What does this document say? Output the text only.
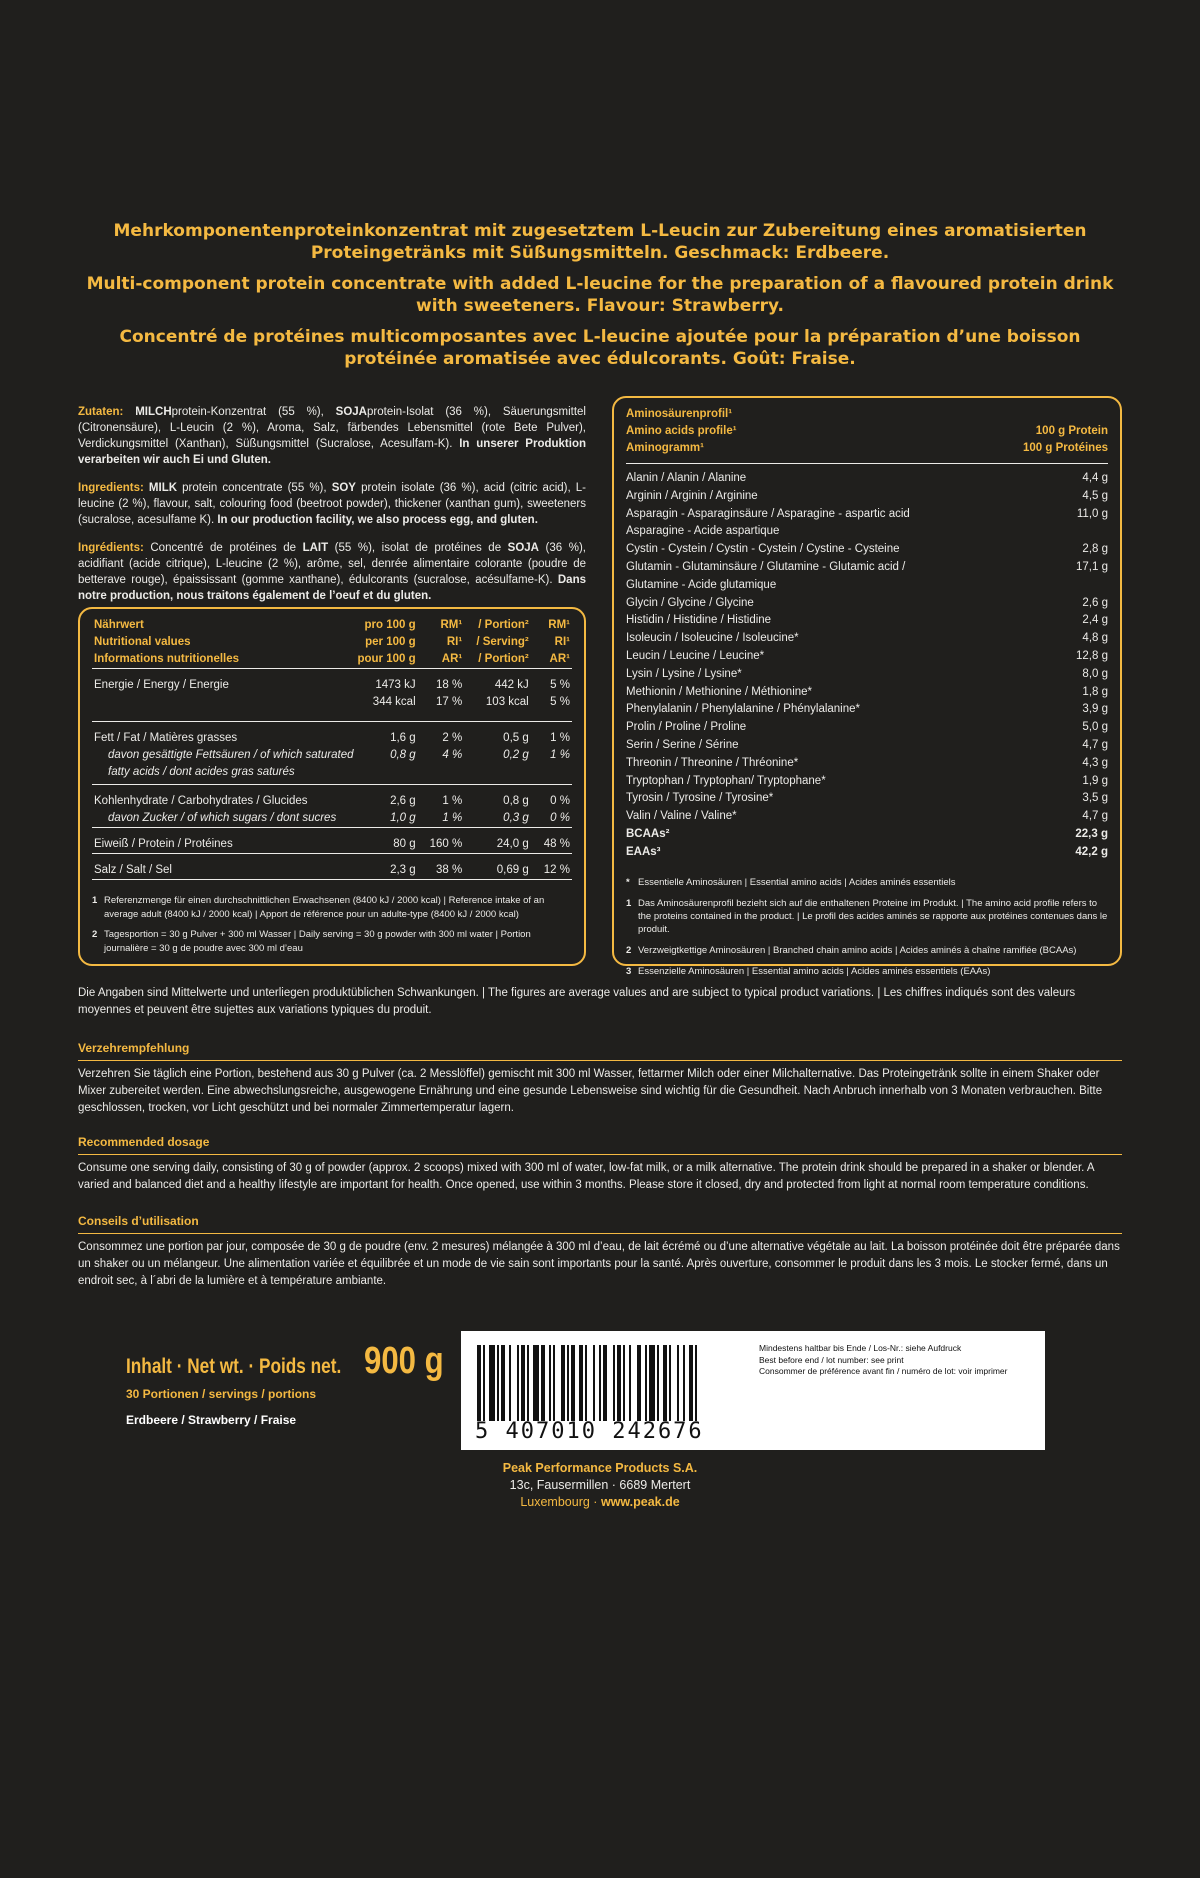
Mehrkomponentenproteinkonzentrat mit zugesetztem L-Leucin zur Zubereitung eines aromatisierten Proteingetränks mit Süßungsmitteln. Geschmack: Erdbeere.

Multi-component protein concentrate with added L-leucine for the preparation of a flavoured protein drink with sweeteners. Flavour: Strawberry.

Concentré de protéines multicomposantes avec L-leucine ajoutée pour la préparation d’une boisson protéinée aromatisée avec édulcorants. Goût: Fraise.

Zutaten: MILCHprotein-Konzentrat (55 %), SOJAprotein-Isolat (36 %), Säuerungsmittel (Citronensäure), L-Leucin (2 %), Aroma, Salz, färbendes Lebensmittel (rote Bete Pulver), Verdickungsmittel (Xanthan), Süßungsmittel (Sucralose, Acesulfam-K). In unserer Produktion verarbeiten wir auch Ei und Gluten.

Ingredients: MILK protein concentrate (55 %), SOY protein isolate (36 %), acid (citric acid), L-leucine (2 %), flavour, salt, colouring food (beetroot powder), thickener (xanthan gum), sweeteners (sucralose, acesulfame K). In our production facility, we also process egg, and gluten.

Ingrédients: Concentré de protéines de LAIT (55 %), isolat de protéines de SOJA (36 %), acidifiant (acide citrique), L-leucine (2 %), arôme, sel, denrée alimentaire colorante (poudre de betterave rouge), épaississant (gomme xanthane), édulcorants (sucralose, acésulfame-K). Dans notre production, nous traitons également de l’oeuf et du gluten.

Nährwert	pro 100 g	RM¹	/ Portion²	RM¹
Nutritional values	per 100 g	RI¹	/ Serving²	RI¹
Informations nutritionelles	pour 100 g	AR¹	/ Portion²	AR¹

Energie / Energy / Energie	1473 kJ	18 %	442 kJ	5 %
	344 kcal	17 %	103 kcal	5 %

Fett / Fat / Matières grasses	1,6 g	2 %	0,5 g	1 %
davon gesättigte Fettsäuren / of which saturated	0,8 g	4 %	0,2 g	1 %
fatty acids / dont acides gras saturés				

Kohlenhydrate / Carbohydrates / Glucides	2,6 g	1 %	0,8 g	0 %
davon Zucker / of which sugars / dont sucres	1,0 g	1 %	0,3 g	0 %

Eiweiß / Protein / Protéines	80 g	160 %	24,0 g	48 %

Salz / Salt / Sel	2,3 g	38 %	0,69 g	12 %

1 Referenzmenge für einen durchschnittlichen Erwachsenen (8400 kJ / 2000 kcal) | Reference intake of an average adult (8400 kJ / 2000 kcal) | Apport de référence pour un adulte-type (8400 kJ / 2000 kcal)
2 Tagesportion = 30 g Pulver + 300 ml Wasser | Daily serving = 30 g powder with 300 ml water | Portion journalière = 30 g de poudre avec 300 ml d’eau
Aminosäurenprofil¹
Amino acids profile¹	100 g Protein
Aminogramm¹	100 g Protéines
Alanin / Alanin / Alanine	4,4 g
Arginin / Arginin / Arginine	4,5 g
Asparagin - Asparaginsäure / Asparagine - aspartic acid	11,0 g
Asparagine - Acide aspartique
Cystin - Cystein / Cystin - Cystein / Cystine - Cysteine	2,8 g
Glutamin - Glutaminsäure / Glutamine - Glutamic acid /	17,1 g
Glutamine - Acide glutamique
Glycin / Glycine / Glycine	2,6 g
Histidin / Histidine / Histidine	2,4 g
Isoleucin / Isoleucine / Isoleucine*	4,8 g
Leucin / Leucine / Leucine*	12,8 g
Lysin / Lysine / Lysine*	8,0 g
Methionin / Methionine / Méthionine*	1,8 g
Phenylalanin / Phenylalanine / Phénylalanine*	3,9 g
Prolin / Proline / Proline	5,0 g
Serin / Serine / Sérine	4,7 g
Threonin / Threonine / Thréonine*	4,3 g
Tryptophan / Tryptophan/ Tryptophane*	1,9 g
Tyrosin / Tyrosine / Tyrosine*	3,5 g
Valin / Valine / Valine*	4,7 g
BCAAs²	22,3 g
EAAs³	42,2 g
* Essentielle Aminosäuren | Essential amino acids | Acides aminés essentiels
1 Das Aminosäurenprofil bezieht sich auf die enthaltenen Proteine im Produkt. | The amino acid profile refers to the proteins contained in the product. | Le profil des acides aminés se rapporte aux protéines contenues dans le produit.
2 Verzweigtkettige Aminosäuren | Branched chain amino acids | Acides aminés à chaîne ramifiée (BCAAs)
3 Essenzielle Aminosäuren | Essential amino acids | Acides aminés essentiels (EAAs)
Die Angaben sind Mittelwerte und unterliegen produktüblichen Schwankungen. | The figures are average values and are subject to typical product variations. | Les chiffres indiqués sont des valeurs moyennes et peuvent être sujettes aux variations typiques du produit.
Verzehrempfehlung

Verzehren Sie täglich eine Portion, bestehend aus 30 g Pulver (ca. 2 Messlöffel) gemischt mit 300 ml Wasser, fettarmer Milch oder einer Milchalternative. Das Proteingetränk sollte in einem Shaker oder Mixer zubereitet werden. Eine abwechslungsreiche, ausgewogene Ernährung und eine gesunde Lebensweise sind wichtig für die Gesundheit. Nach Anbruch innerhalb von 3 Monaten verbrauchen. Bitte geschlossen, trocken, vor Licht geschützt und bei normaler Zimmertemperatur lagern.

Recommended dosage

Consume one serving daily, consisting of 30 g of powder (approx. 2 scoops) mixed with 300 ml of water, low-fat milk, or a milk alternative. The protein drink should be prepared in a shaker or blender. A varied and balanced diet and a healthy lifestyle are important for health. Once opened, use within 3 months. Please store it closed, dry and protected from light at normal room temperature conditions.

Conseils d’utilisation

Consommez une portion par jour, composée de 30 g de poudre (env. 2 mesures) mélangée à 300 ml d’eau, de lait écrémé ou d’une alternative végétale au lait. La boisson protéinée doit être préparée dans un shaker ou un mélangeur. Une alimentation variée et équilibrée et un mode de vie sain sont importants pour la santé. Après ouverture, consommer le produit dans les 3 mois. Le stocker fermé, dans un endroit sec, à l´abri de la lumière et à température ambiante.

Inhalt · Net wt. · Poids net. 900 g
30 Portionen / servings / portions
Erdbeere / Strawberry / Fraise	5 407010 242676
Mindestens haltbar bis Ende / Los-Nr.: siehe Aufdruck
Best before end / lot number: see print
Consommer de préférence avant fin / numéro de lot: voir imprimer
Peak Performance Products S.A.
13c, Fausermillen · 6689 Mertert
Luxembourg · www.peak.de
